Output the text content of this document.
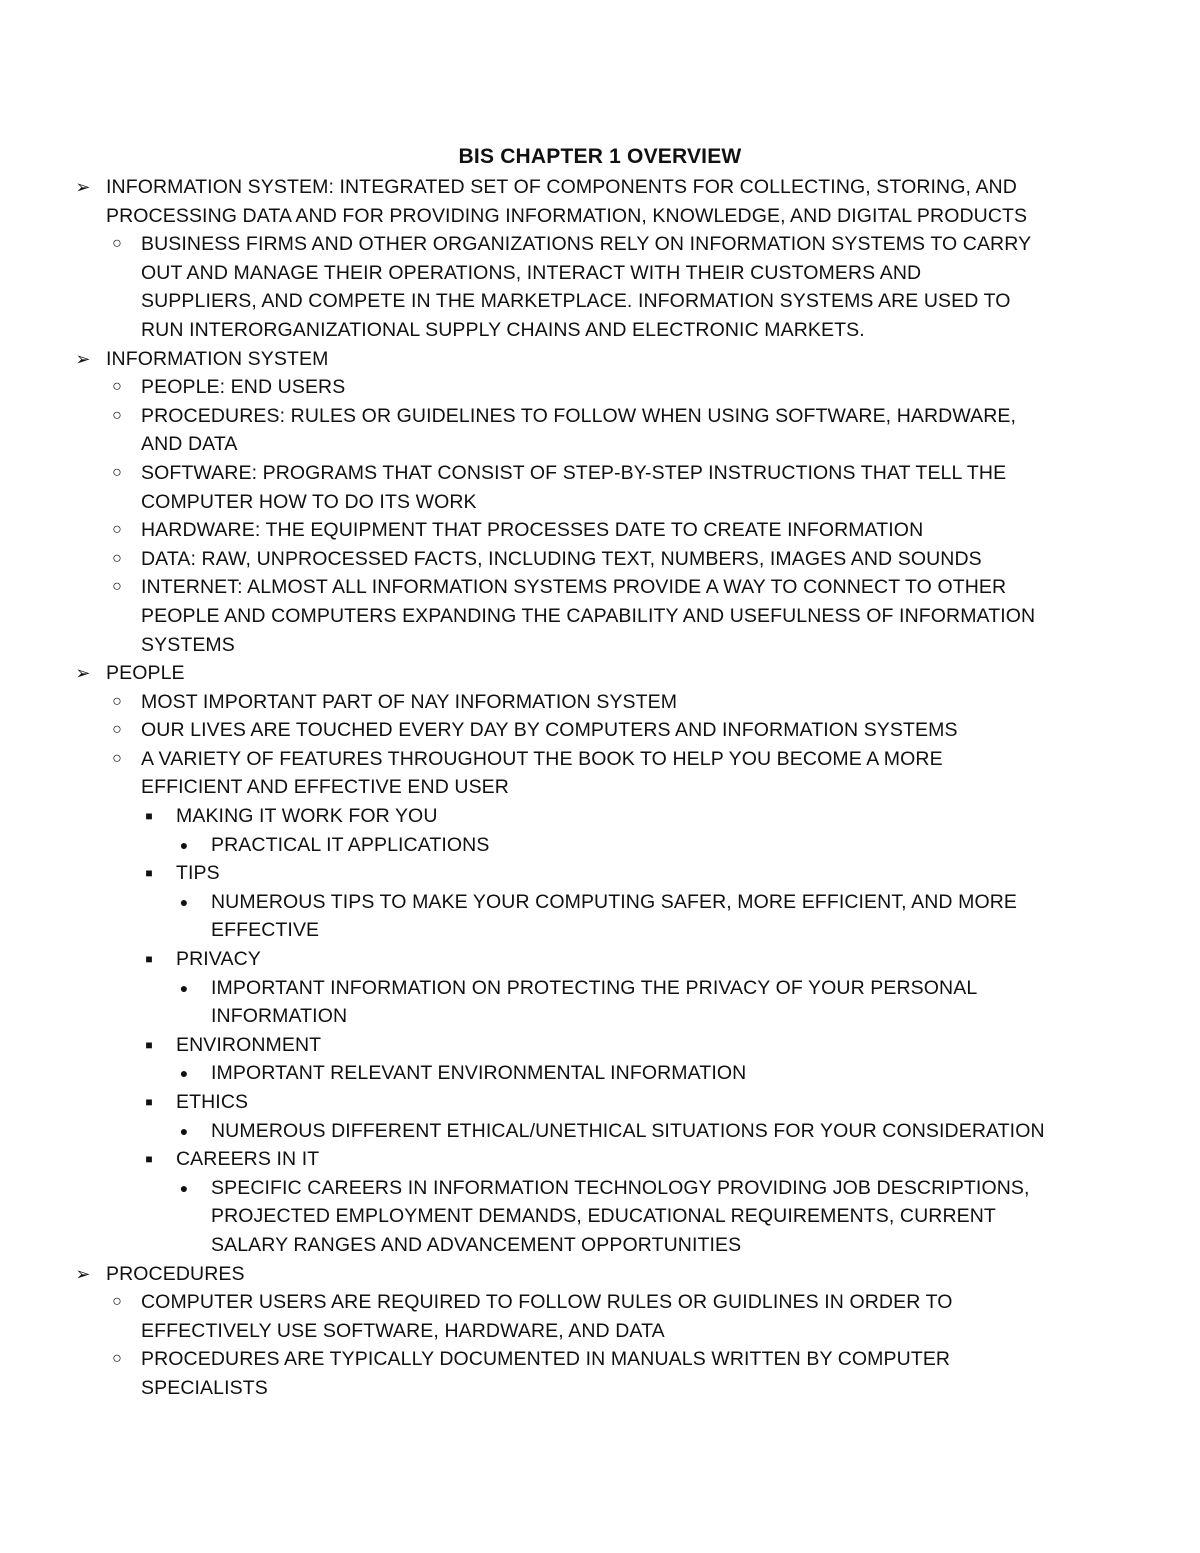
BIS CHAPTER 1 OVERVIEW
➢ INFORMATION SYSTEM: INTEGRATED SET OF COMPONENTS FOR COLLECTING, STORING, AND
PROCESSING DATA AND FOR PROVIDING INFORMATION, KNOWLEDGE, AND DIGITAL PRODUCTS
○ BUSINESS FIRMS AND OTHER ORGANIZATIONS RELY ON INFORMATION SYSTEMS TO CARRY
OUT AND MANAGE THEIR OPERATIONS, INTERACT WITH THEIR CUSTOMERS AND
SUPPLIERS, AND COMPETE IN THE MARKETPLACE. INFORMATION SYSTEMS ARE USED TO
RUN INTERORGANIZATIONAL SUPPLY CHAINS AND ELECTRONIC MARKETS.
➢ INFORMATION SYSTEM
○ PEOPLE: END USERS
○ PROCEDURES: RULES OR GUIDELINES TO FOLLOW WHEN USING SOFTWARE, HARDWARE,
AND DATA
○ SOFTWARE: PROGRAMS THAT CONSIST OF STEP-BY-STEP INSTRUCTIONS THAT TELL THE
COMPUTER HOW TO DO ITS WORK
○ HARDWARE: THE EQUIPMENT THAT PROCESSES DATE TO CREATE INFORMATION
○ DATA: RAW, UNPROCESSED FACTS, INCLUDING TEXT, NUMBERS, IMAGES AND SOUNDS
○ INTERNET: ALMOST ALL INFORMATION SYSTEMS PROVIDE A WAY TO CONNECT TO OTHER
PEOPLE AND COMPUTERS EXPANDING THE CAPABILITY AND USEFULNESS OF INFORMATION
SYSTEMS
➢ PEOPLE
○ MOST IMPORTANT PART OF NAY INFORMATION SYSTEM
○ OUR LIVES ARE TOUCHED EVERY DAY BY COMPUTERS AND INFORMATION SYSTEMS
○ A VARIETY OF FEATURES THROUGHOUT THE BOOK TO HELP YOU BECOME A MORE
EFFICIENT AND EFFECTIVE END USER
■ MAKING IT WORK FOR YOU
● PRACTICAL IT APPLICATIONS
■ TIPS
● NUMEROUS TIPS TO MAKE YOUR COMPUTING SAFER, MORE EFFICIENT, AND MORE
EFFECTIVE
■ PRIVACY
● IMPORTANT INFORMATION ON PROTECTING THE PRIVACY OF YOUR PERSONAL
INFORMATION
■ ENVIRONMENT
● IMPORTANT RELEVANT ENVIRONMENTAL INFORMATION
■ ETHICS
● NUMEROUS DIFFERENT ETHICAL/UNETHICAL SITUATIONS FOR YOUR CONSIDERATION
■ CAREERS IN IT
● SPECIFIC CAREERS IN INFORMATION TECHNOLOGY PROVIDING JOB DESCRIPTIONS,
PROJECTED EMPLOYMENT DEMANDS, EDUCATIONAL REQUIREMENTS, CURRENT
SALARY RANGES AND ADVANCEMENT OPPORTUNITIES
➢ PROCEDURES
○ COMPUTER USERS ARE REQUIRED TO FOLLOW RULES OR GUIDLINES IN ORDER TO
EFFECTIVELY USE SOFTWARE, HARDWARE, AND DATA
○ PROCEDURES ARE TYPICALLY DOCUMENTED IN MANUALS WRITTEN BY COMPUTER
SPECIALISTS
